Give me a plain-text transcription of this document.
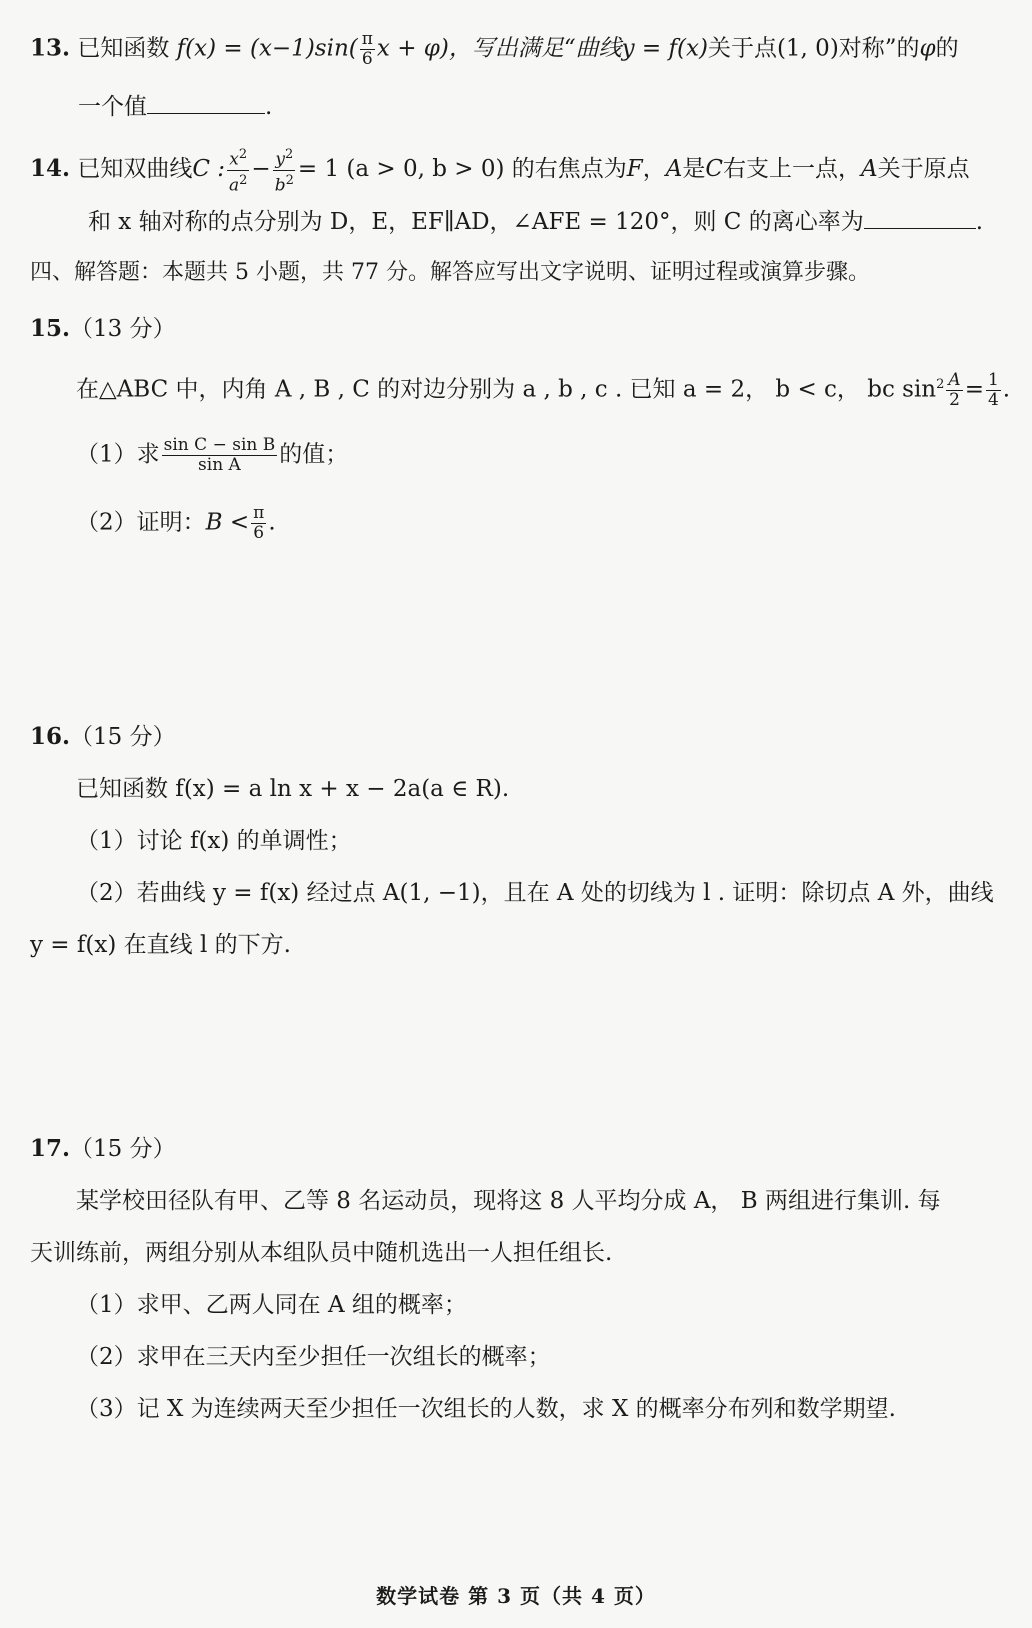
13. 已知函数 $f(x) = (x-1)\sin( \frac{\pi}{6}$ x + φ)，写出满足“曲线y = f(x)关于点(1, 0)对称”的φ的
一个值	.
14. 已知双曲线C : $\frac{x^2}{a^2} - \frac{y^2}{b^2} = 1$ (a > 0, b > 0) 的右焦点为F，A是C右支上一点，A关于原点
和 x 轴对称的点分别为 D，E，EF∥AD，∠AFE = 120°，则 C 的离心率为	.
四、解答题：本题共 5 小题，共 77 分。解答应写出文字说明、证明过程或演算步骤。
15.（13 分）
在△ABC 中，内角 A , B , C 的对边分别为 a , b , c . 已知 a = 2， b < c， bc $\sin^2 \frac{A}{2} = \frac{1}{4}$ .
（1）求 $\frac{\text{sin C − sin B}}{\text{sin A}}$ 的值；
（2）证明：$B < \frac{\pi}{6}$ .
16.（15 分）
已知函数 f(x) = a ln x + x − 2a(a ∈ R).
（1）讨论 f(x) 的单调性；
（2）若曲线 y = f(x) 经过点 A(1, −1)，且在 A 处的切线为 l . 证明：除切点 A 外，曲线
y = f(x) 在直线 l 的下方.
17.（15 分）
某学校田径队有甲、乙等 8 名运动员，现将这 8 人平均分成 A， B 两组进行集训. 每
天训练前，两组分别从本组队员中随机选出一人担任组长.
（1）求甲、乙两人同在 A 组的概率；
（2）求甲在三天内至少担任一次组长的概率；
（3）记 X 为连续两天至少担任一次组长的人数，求 X 的概率分布列和数学期望.
数学试卷 第 3 页（共 4 页）
